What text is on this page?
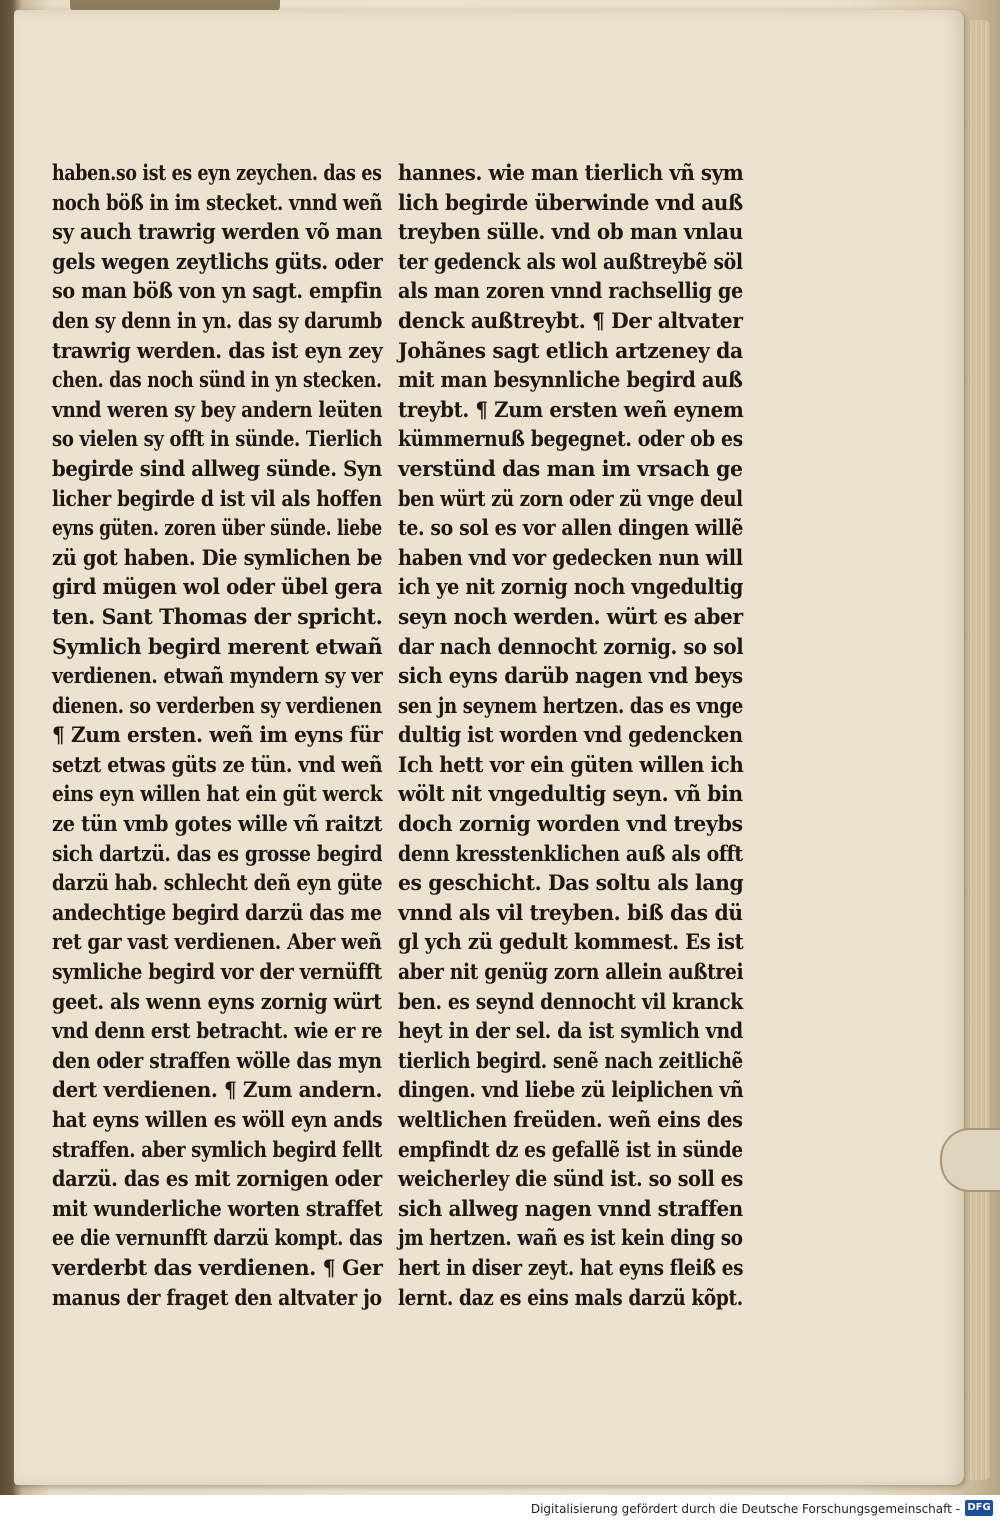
haben.so ist es eyn zeychen. das es
noch böß in im stecket. vnnd weñ
sy auch trawrig werden võ man
gels wegen zeytlichs güts. oder
so man böß von yn sagt. empfin
den sy denn in yn. das sy darumb
trawrig werden. das ist eyn zey
chen. das noch sünd in yn stecken.
vnnd weren sy bey andern leüten
so vielen sy offt in sünde. Tierlich
begirde sind allweg sünde. Syn
licher begirde d ist vil als hoffen
eyns güten. zoren über sünde. liebe
zü got haben. Die symlichen be
gird mügen wol oder übel gera
ten. Sant Thomas der spricht.
Symlich begird merent etwañ
verdienen. etwañ myndern sy ver
dienen. so verderben sy verdienen
¶ Zum ersten. weñ im eyns für
setzt etwas güts ze tün. vnd weñ
eins eyn willen hat ein güt werck
ze tün vmb gotes wille vñ raitzt
sich dartzü. das es grosse begird
darzü hab. schlecht deñ eyn güte
andechtige begird darzü das me
ret gar vast verdienen. Aber weñ
symliche begird vor der vernüfft
geet. als wenn eyns zornig würt
vnd denn erst betracht. wie er re
den oder straffen wölle das myn
dert verdienen. ¶ Zum andern.
hat eyns willen es wöll eyn ands
straffen. aber symlich begird fellt
darzü. das es mit zornigen oder
mit wunderliche worten straffet
ee die vernunfft darzü kompt. das
verderbt das verdienen. ¶ Ger
manus der fraget den altvater jo
hannes. wie man tierlich vñ sym
lich begirde überwinde vnd auß
treyben sülle. vnd ob man vnlau
ter gedenck als wol außtreybẽ söl
als man zoren vnnd rachsellig ge
denck außtreybt. ¶ Der altvater
Johãnes sagt etlich artzeney da
mit man besynnliche begird auß
treybt. ¶ Zum ersten weñ eynem
kümmernuß begegnet. oder ob es
verstünd das man im vrsach ge
ben würt zü zorn oder zü vnge deul
te. so sol es vor allen dingen willẽ
haben vnd vor gedecken nun will
ich ye nit zornig noch vngedultig
seyn noch werden. würt es aber
dar nach dennocht zornig. so sol
sich eyns darüb nagen vnd beys
sen jn seynem hertzen. das es vnge
dultig ist worden vnd gedencken
Ich hett vor ein güten willen ich
wölt nit vngedultig seyn. vñ bin
doch zornig worden vnd treybs
denn kresstenklichen auß als offt
es geschicht. Das soltu als lang
vnnd als vil treyben. biß das dü
gl ych zü gedult kommest. Es ist
aber nit genüg zorn allein außtrei
ben. es seynd dennocht vil kranck
heyt in der sel. da ist symlich vnd
tierlich begird. senẽ nach zeitlichẽ
dingen. vnd liebe zü leiplichen vñ
weltlichen freüden. weñ eins des
empfindt dz es gefallẽ ist in sünde
weicherley die sünd ist. so soll es
sich allweg nagen vnnd straffen
jm hertzen. wañ es ist kein ding so
hert in diser zeyt. hat eyns fleiß es
lernt. daz es eins mals darzü kõpt.
Digitalisierung gefördert durch die Deutsche Forschungsgemeinschaft - DFG
